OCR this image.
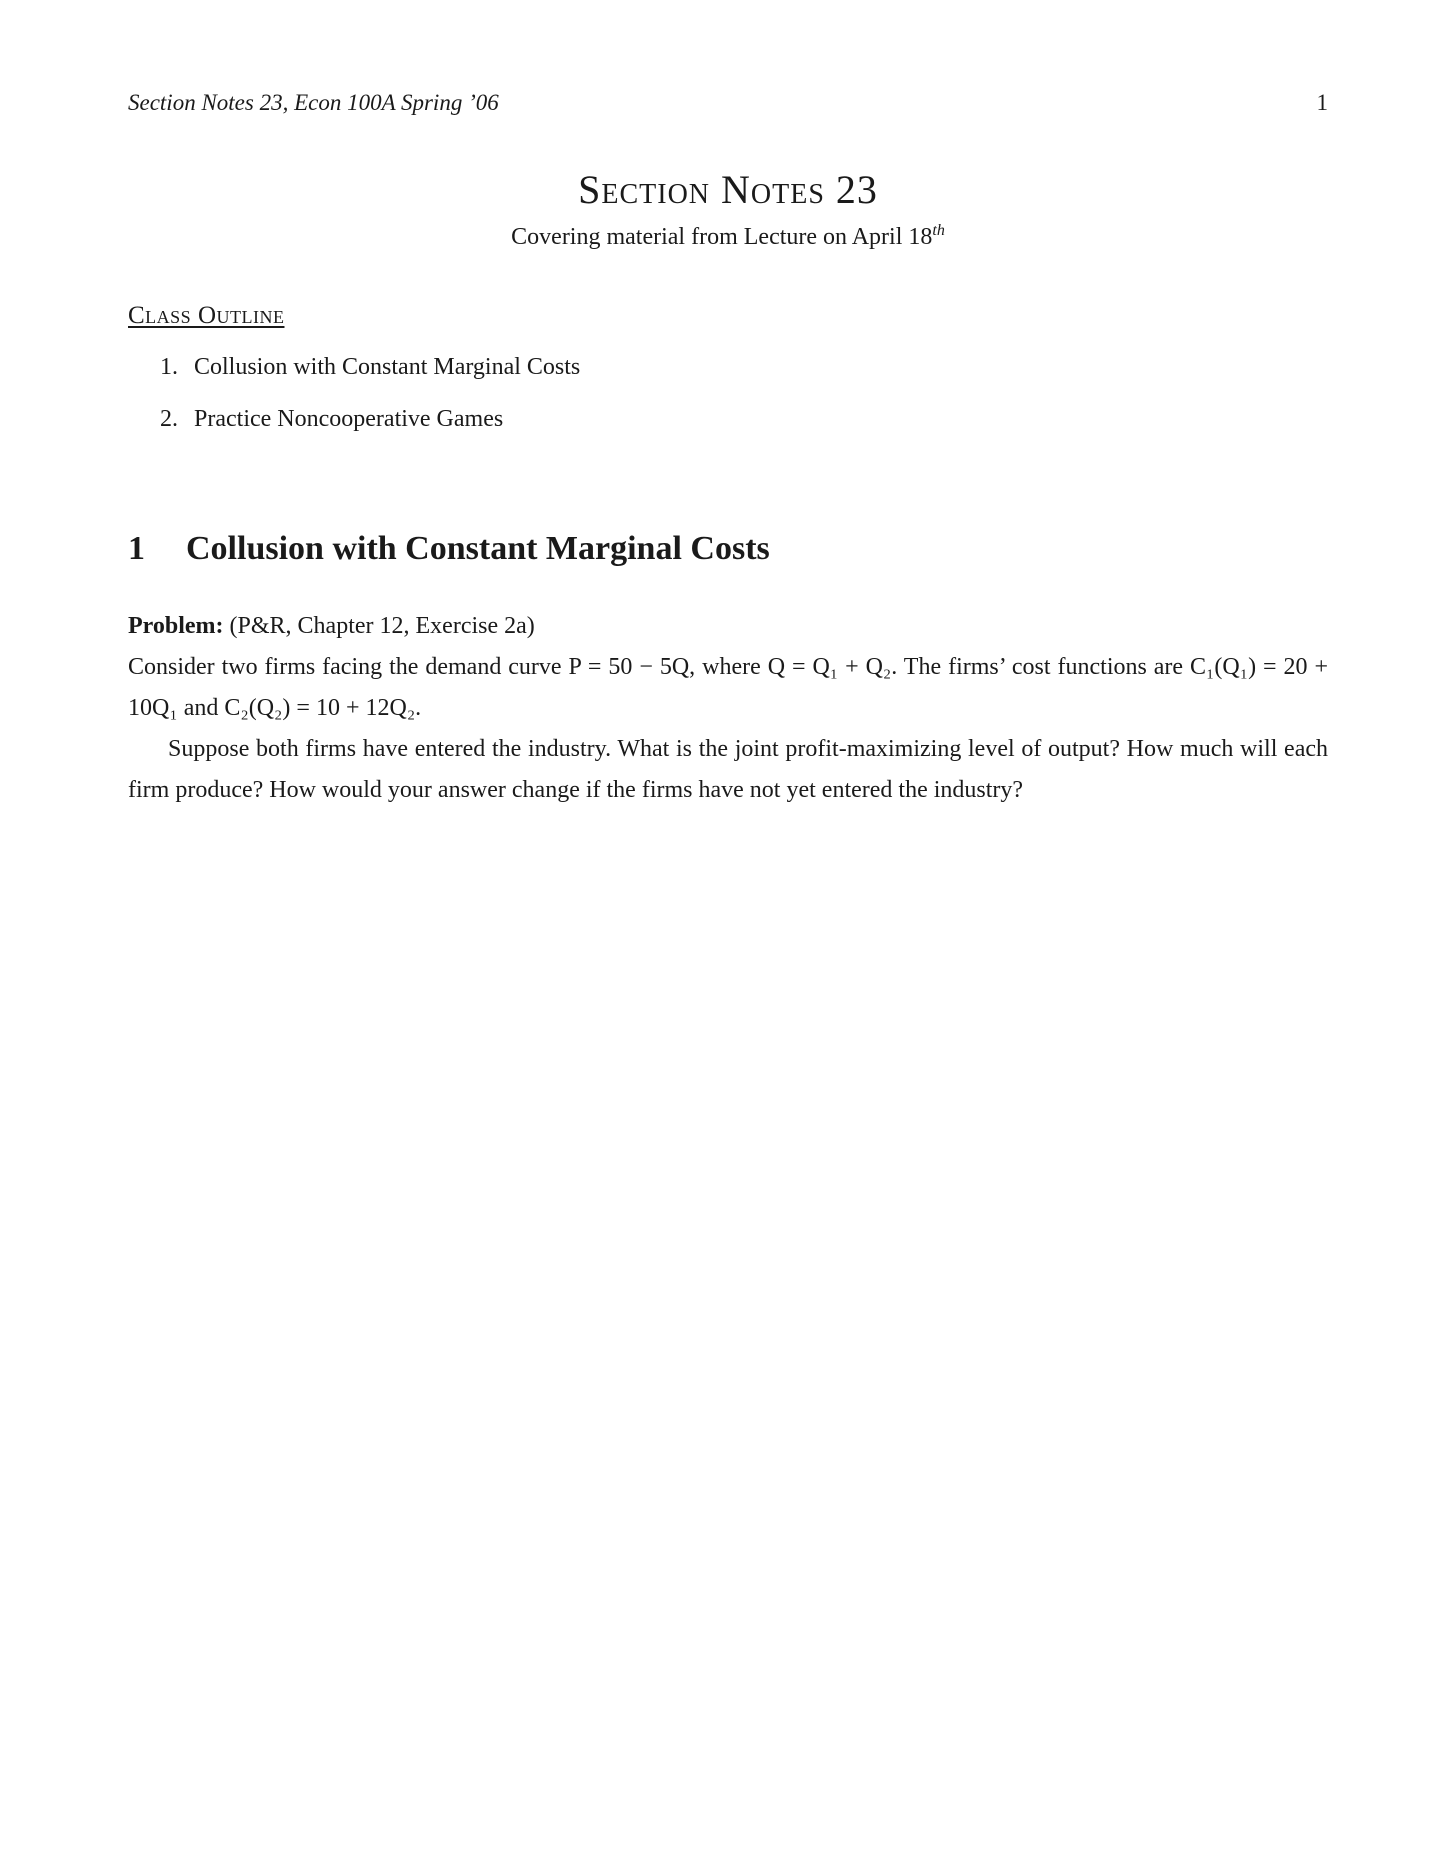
Section Notes 23, Econ 100A Spring ’06	1
Section Notes 23
Covering material from Lecture on April 18th
Class Outline
1. Collusion with Constant Marginal Costs
2. Practice Noncooperative Games
1 Collusion with Constant Marginal Costs

Problem: (P&R, Chapter 12, Exercise 2a)

Consider two firms facing the demand curve P = 50 − 5Q, where Q = Q₁ + Q₂. The firms’ cost functions are C₁(Q₁) = 20 + 10Q₁ and C₂(Q₂) = 10 + 12Q₂.

Suppose both firms have entered the industry. What is the joint profit-maximizing level of output? How much will each firm produce? How would your answer change if the firms have not yet entered the industry?
